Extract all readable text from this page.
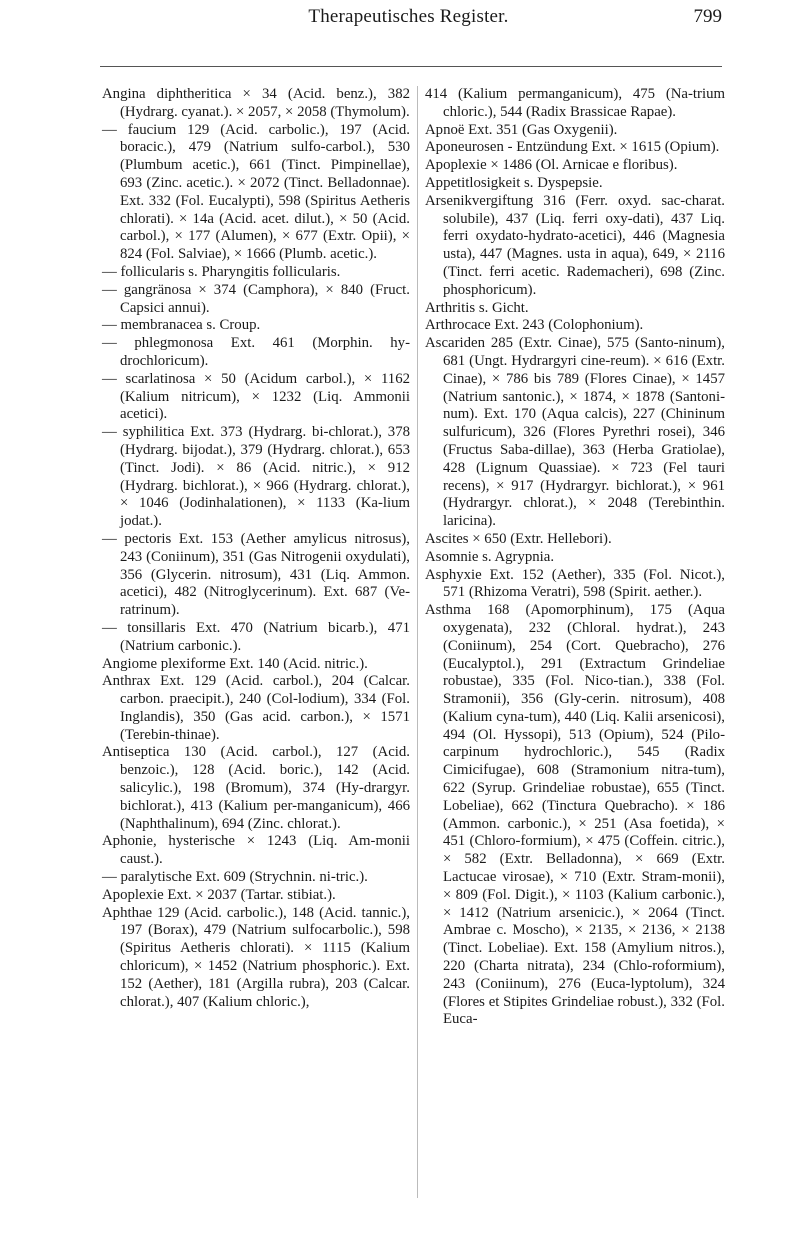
Therapeutisches Register.	799

Angina diphtheritica × 34 (Acid. benz.), 382 (Hydrarg. cyanat.). × 2057, × 2058 (Thymolum).

— faucium 129 (Acid. carbolic.), 197 (Acid. boracic.), 479 (Natrium sulfo-carbol.), 530 (Plumbum acetic.), 661 (Tinct. Pimpinellae), 693 (Zinc. acetic.). × 2072 (Tinct. Belladonnae). Ext. 332 (Fol. Eucalypti), 598 (Spiritus Aetheris chlorati). × 14a (Acid. acet. dilut.), × 50 (Acid. carbol.), × 177 (Alumen), × 677 (Extr. Opii), × 824 (Fol. Salviae), × 1666 (Plumb. acetic.).

— follicularis s. Pharyngitis follicularis.

— gangränosa × 374 (Camphora), × 840 (Fruct. Capsici annui).

— membranacea s. Croup.

— phlegmonosa Ext. 461 (Morphin. hy-drochloricum).

— scarlatinosa × 50 (Acidum carbol.), × 1162 (Kalium nitricum), × 1232 (Liq. Ammonii acetici).

— syphilitica Ext. 373 (Hydrarg. bi-chlorat.), 378 (Hydrarg. bijodat.), 379 (Hydrarg. chlorat.), 653 (Tinct. Jodi). × 86 (Acid. nitric.), × 912 (Hydrarg. bichlorat.), × 966 (Hydrarg. chlorat.), × 1046 (Jodinhalationen), × 1133 (Ka-lium jodat.).

— pectoris Ext. 153 (Aether amylicus nitrosus), 243 (Coniinum), 351 (Gas Nitrogenii oxydulati), 356 (Glycerin. nitrosum), 431 (Liq. Ammon. acetici), 482 (Nitroglycerinum). Ext. 687 (Ve-ratrinum).

— tonsillaris Ext. 470 (Natrium bicarb.), 471 (Natrium carbonic.).

Angiome plexiforme Ext. 140 (Acid. nitric.).

Anthrax Ext. 129 (Acid. carbol.), 204 (Calcar. carbon. praecipit.), 240 (Col-lodium), 334 (Fol. Inglandis), 350 (Gas acid. carbon.), × 1571 (Terebin-thinae).

Antiseptica 130 (Acid. carbol.), 127 (Acid. benzoic.), 128 (Acid. boric.), 142 (Acid. salicylic.), 198 (Bromum), 374 (Hy-drargyr. bichlorat.), 413 (Kalium per-manganicum), 466 (Naphthalinum), 694 (Zinc. chlorat.).

Aphonie, hysterische × 1243 (Liq. Am-monii caust.).

— paralytische Ext. 609 (Strychnin. ni-tric.).

Apoplexie Ext. × 2037 (Tartar. stibiat.).

Aphthae 129 (Acid. carbolic.), 148 (Acid. tannic.), 197 (Borax), 479 (Natrium sulfocarbolic.), 598 (Spiritus Aetheris chlorati). × 1115 (Kalium chloricum), × 1452 (Natrium phosphoric.). Ext. 152 (Aether), 181 (Argilla rubra), 203 (Calcar. chlorat.), 407 (Kalium chloric.),

414 (Kalium permanganicum), 475 (Na-trium chloric.), 544 (Radix Brassicae Rapae).

Apnoë Ext. 351 (Gas Oxygenii).

Aponeurosen - Entzündung Ext. × 1615 (Opium).

Apoplexie × 1486 (Ol. Arnicae e floribus).

Appetitlosigkeit s. Dyspepsie.

Arsenikvergiftung 316 (Ferr. oxyd. sac-charat. solubile), 437 (Liq. ferri oxy-dati), 437 Liq. ferri oxydato-hydrato-acetici), 446 (Magnesia usta), 447 (Magnes. usta in aqua), 649, × 2116 (Tinct. ferri acetic. Rademacheri), 698 (Zinc. phosphoricum).

Arthritis s. Gicht.

Arthrocace Ext. 243 (Colophonium).

Ascariden 285 (Extr. Cinae), 575 (Santo-ninum), 681 (Ungt. Hydrargyri cine-reum). × 616 (Extr. Cinae), × 786 bis 789 (Flores Cinae), × 1457 (Natrium santonic.), × 1874, × 1878 (Santoni-num). Ext. 170 (Aqua calcis), 227 (Chininum sulfuricum), 326 (Flores Pyrethri rosei), 346 (Fructus Saba-dillae), 363 (Herba Gratiolae), 428 (Lignum Quassiae). × 723 (Fel tauri recens), × 917 (Hydrargyr. bichlorat.), × 961 (Hydrargyr. chlorat.), × 2048 (Terebinthin. laricina).

Ascites × 650 (Extr. Hellebori).

Asomnie s. Agrypnia.

Asphyxie Ext. 152 (Aether), 335 (Fol. Nicot.), 571 (Rhizoma Veratri), 598 (Spirit. aether.).

Asthma 168 (Apomorphinum), 175 (Aqua oxygenata), 232 (Chloral. hydrat.), 243 (Coniinum), 254 (Cort. Quebracho), 276 (Eucalyptol.), 291 (Extractum Grindeliae robustae), 335 (Fol. Nico-tian.), 338 (Fol. Stramonii), 356 (Gly-cerin. nitrosum), 408 (Kalium cyna-tum), 440 (Liq. Kalii arsenicosi), 494 (Ol. Hyssopi), 513 (Opium), 524 (Pilo-carpinum hydrochloric.), 545 (Radix Cimicifugae), 608 (Stramonium nitra-tum), 622 (Syrup. Grindeliae robustae), 655 (Tinct. Lobeliae), 662 (Tinctura Quebracho). × 186 (Ammon. carbonic.), × 251 (Asa foetida), × 451 (Chloro-formium), × 475 (Coffein. citric.), × 582 (Extr. Belladonna), × 669 (Extr. Lactucae virosae), × 710 (Extr. Stram-monii), × 809 (Fol. Digit.), × 1103 (Kalium carbonic.), × 1412 (Natrium arsenicic.), × 2064 (Tinct. Ambrae c. Moscho), × 2135, × 2136, × 2138 (Tinct. Lobeliae). Ext. 158 (Amylium nitros.), 220 (Charta nitrata), 234 (Chlo-roformium), 243 (Coniinum), 276 (Euca-lyptolum), 324 (Flores et Stipites Grindeliae robust.), 332 (Fol. Euca-
